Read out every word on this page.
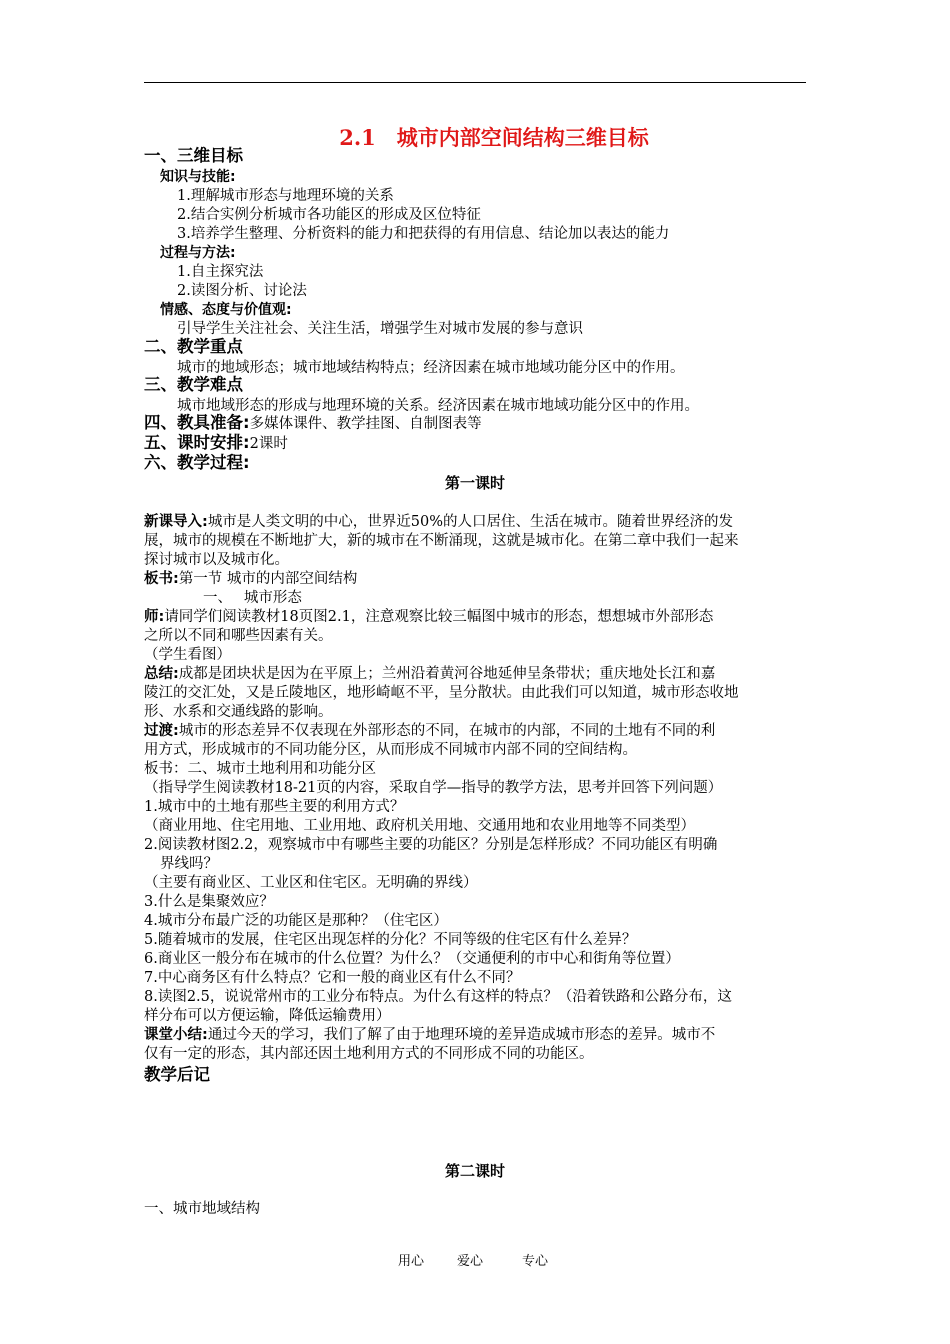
2.1　城市内部空间结构三维目标
一、三维目标
知识与技能:
1.理解城市形态与地理环境的关系
2.结合实例分析城市各功能区的形成及区位特征
3.培养学生整理、分析资料的能力和把获得的有用信息、结论加以表达的能力
过程与方法:
1.自主探究法
2.读图分析、讨论法
情感、态度与价值观:
引导学生关注社会、关注生活，增强学生对城市发展的参与意识
二、教学重点
城市的地域形态；城市地域结构特点；经济因素在城市地域功能分区中的作用。
三、教学难点
城市地域形态的形成与地理环境的关系。经济因素在城市地域功能分区中的作用。
四、教具准备:多媒体课件、教学挂图、自制图表等
五、课时安排:2课时
六、教学过程:
第一课时
新课导入:城市是人类文明的中心，世界近50%的人口居住、生活在城市。随着世界经济的发
展，城市的规模在不断地扩大，新的城市在不断涌现，这就是城市化。在第二章中我们一起来
探讨城市以及城市化。
板书:第一节 城市的内部空间结构
一、　 城市形态
师:请同学们阅读教材18页图2.1，注意观察比较三幅图中城市的形态，想想城市外部形态
之所以不同和哪些因素有关。
（学生看图）
总结:成都是团块状是因为在平原上；兰州沿着黄河谷地延伸呈条带状；重庆地处长江和嘉
陵江的交汇处，又是丘陵地区，地形崎岖不平，呈分散状。由此我们可以知道，城市形态收地
形、水系和交通线路的影响。
过渡:城市的形态差异不仅表现在外部形态的不同，在城市的内部，不同的土地有不同的利
用方式，形成城市的不同功能分区，从而形成不同城市内部不同的空间结构。
板书：二、城市土地利用和功能分区
（指导学生阅读教材18-21页的内容，采取自学—指导的教学方法，思考并回答下列问题）
1.城市中的土地有那些主要的利用方式？
（商业用地、住宅用地、工业用地、政府机关用地、交通用地和农业用地等不同类型）
2.阅读教材图2.2，观察城市中有哪些主要的功能区？分别是怎样形成？不同功能区有明确
界线吗？
（主要有商业区、工业区和住宅区。无明确的界线）
3.什么是集聚效应？
4.城市分布最广泛的功能区是那种？（住宅区）
5.随着城市的发展，住宅区出现怎样的分化？不同等级的住宅区有什么差异？
6.商业区一般分布在城市的什么位置？为什么？（交通便利的市中心和街角等位置）
7.中心商务区有什么特点？它和一般的商业区有什么不同？
8.读图2.5，说说常州市的工业分布特点。为什么有这样的特点？（沿着铁路和公路分布，这
样分布可以方便运输，降低运输费用）
课堂小结:通过今天的学习，我们了解了由于地理环境的差异造成城市形态的差异。城市不
仅有一定的形态，其内部还因土地利用方式的不同形成不同的功能区。
教学后记
第二课时
一、城市地域结构
用心	爱心	专心
